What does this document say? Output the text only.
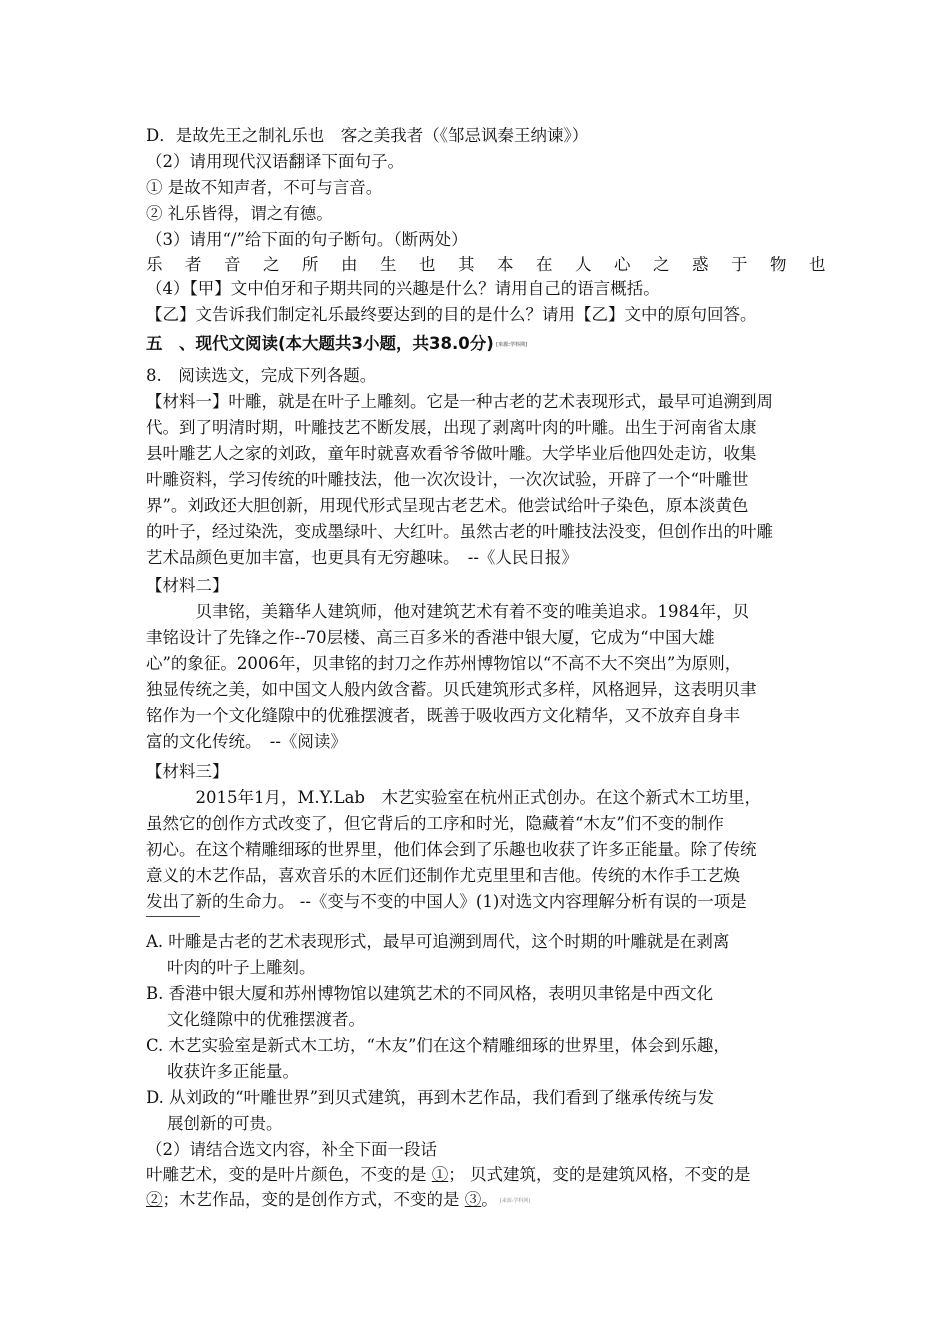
D．是故先王之制礼乐也　客之美我者（《邹忌讽秦王纳谏》）
（2）请用现代汉语翻译下面句子。
① 是故不知声者，不可与言音。
② 礼乐皆得，谓之有德。
（3）请用“/”给下面的句子断句。（断两处）
乐者音之所由生也其本在人心之惑于物也
（4）【甲】文中伯牙和子期共同的兴趣是什么？请用自己的语言概括。
【乙】文告诉我们制定礼乐最终要达到的目的是什么？请用【乙】文中的原句回答。
五　、现代文阅读(本大题共3小题，共38.0分) [来源:学科网]
8.　阅读选文，完成下列各题。
【材料一】叶雕，就是在叶子上雕刻。它是一种古老的艺术表现形式，最早可追溯到周
代。到了明清时期，叶雕技艺不断发展，出现了剥离叶肉的叶雕。出生于河南省太康
县叶雕艺人之家的刘政，童年时就喜欢看爷爷做叶雕。大学毕业后他四处走访，收集
叶雕资料，学习传统的叶雕技法，他一次次设计，一次次试验，开辟了一个“叶雕世
界”。刘政还大胆创新，用现代形式呈现古老艺术。他尝试给叶子染色，原本淡黄色
的叶子，经过染洗，变成墨绿叶、大红叶。虽然古老的叶雕技法没变，但创作出的叶雕
艺术品颜色更加丰富，也更具有无穷趣味。　--《人民日报》
【材料二】
　　　贝聿铭，美籍华人建筑师，他对建筑艺术有着不变的唯美追求。1984年，贝
聿铭设计了先锋之作--70层楼、高三百多米的香港中银大厦，它成为“中国大雄
心”的象征。2006年，贝聿铭的封刀之作苏州博物馆以“不高不大不突出”为原则，
独显传统之美，如中国文人般内敛含蓄。贝氏建筑形式多样，风格迥异，这表明贝聿
铭作为一个文化缝隙中的优雅摆渡者，既善于吸收西方文化精华，又不放弃自身丰
富的文化传统。　--《阅读》
【材料三】
　　　2015年1月，M.Y.Lab　木艺实验室在杭州正式创办。在这个新式木工坊里，
虽然它的创作方式改变了，但它背后的工序和时光，隐藏着“木友”们不变的制作
初心。在这个精雕细琢的世界里，他们体会到了乐趣也收获了许多正能量。除了传统
意义的木艺作品，喜欢音乐的木匠们还制作尤克里里和吉他。传统的木作手工艺焕
发出了新的生命力。 --《变与不变的中国人》(1)对选文内容理解分析有误的一项是
A. 叶雕是古老的艺术表现形式，最早可追溯到周代，这个时期的叶雕就是在剥离
叶肉的叶子上雕刻。
B. 香港中银大厦和苏州博物馆以建筑艺术的不同风格，表明贝聿铭是中西文化
文化缝隙中的优雅摆渡者。
C. 木艺实验室是新式木工坊，“木友”们在这个精雕细琢的世界里，体会到乐趣，
收获许多正能量。
D. 从刘政的“叶雕世界”到贝式建筑，再到木艺作品，我们看到了继承传统与发
展创新的可贵。
（2）请结合选文内容，补全下面一段话
叶雕艺术，变的是叶片颜色，不变的是 ①； 贝式建筑，变的是建筑风格，不变的是
②；木艺作品，变的是创作方式，不变的是 ③。 [来源:学科网]
